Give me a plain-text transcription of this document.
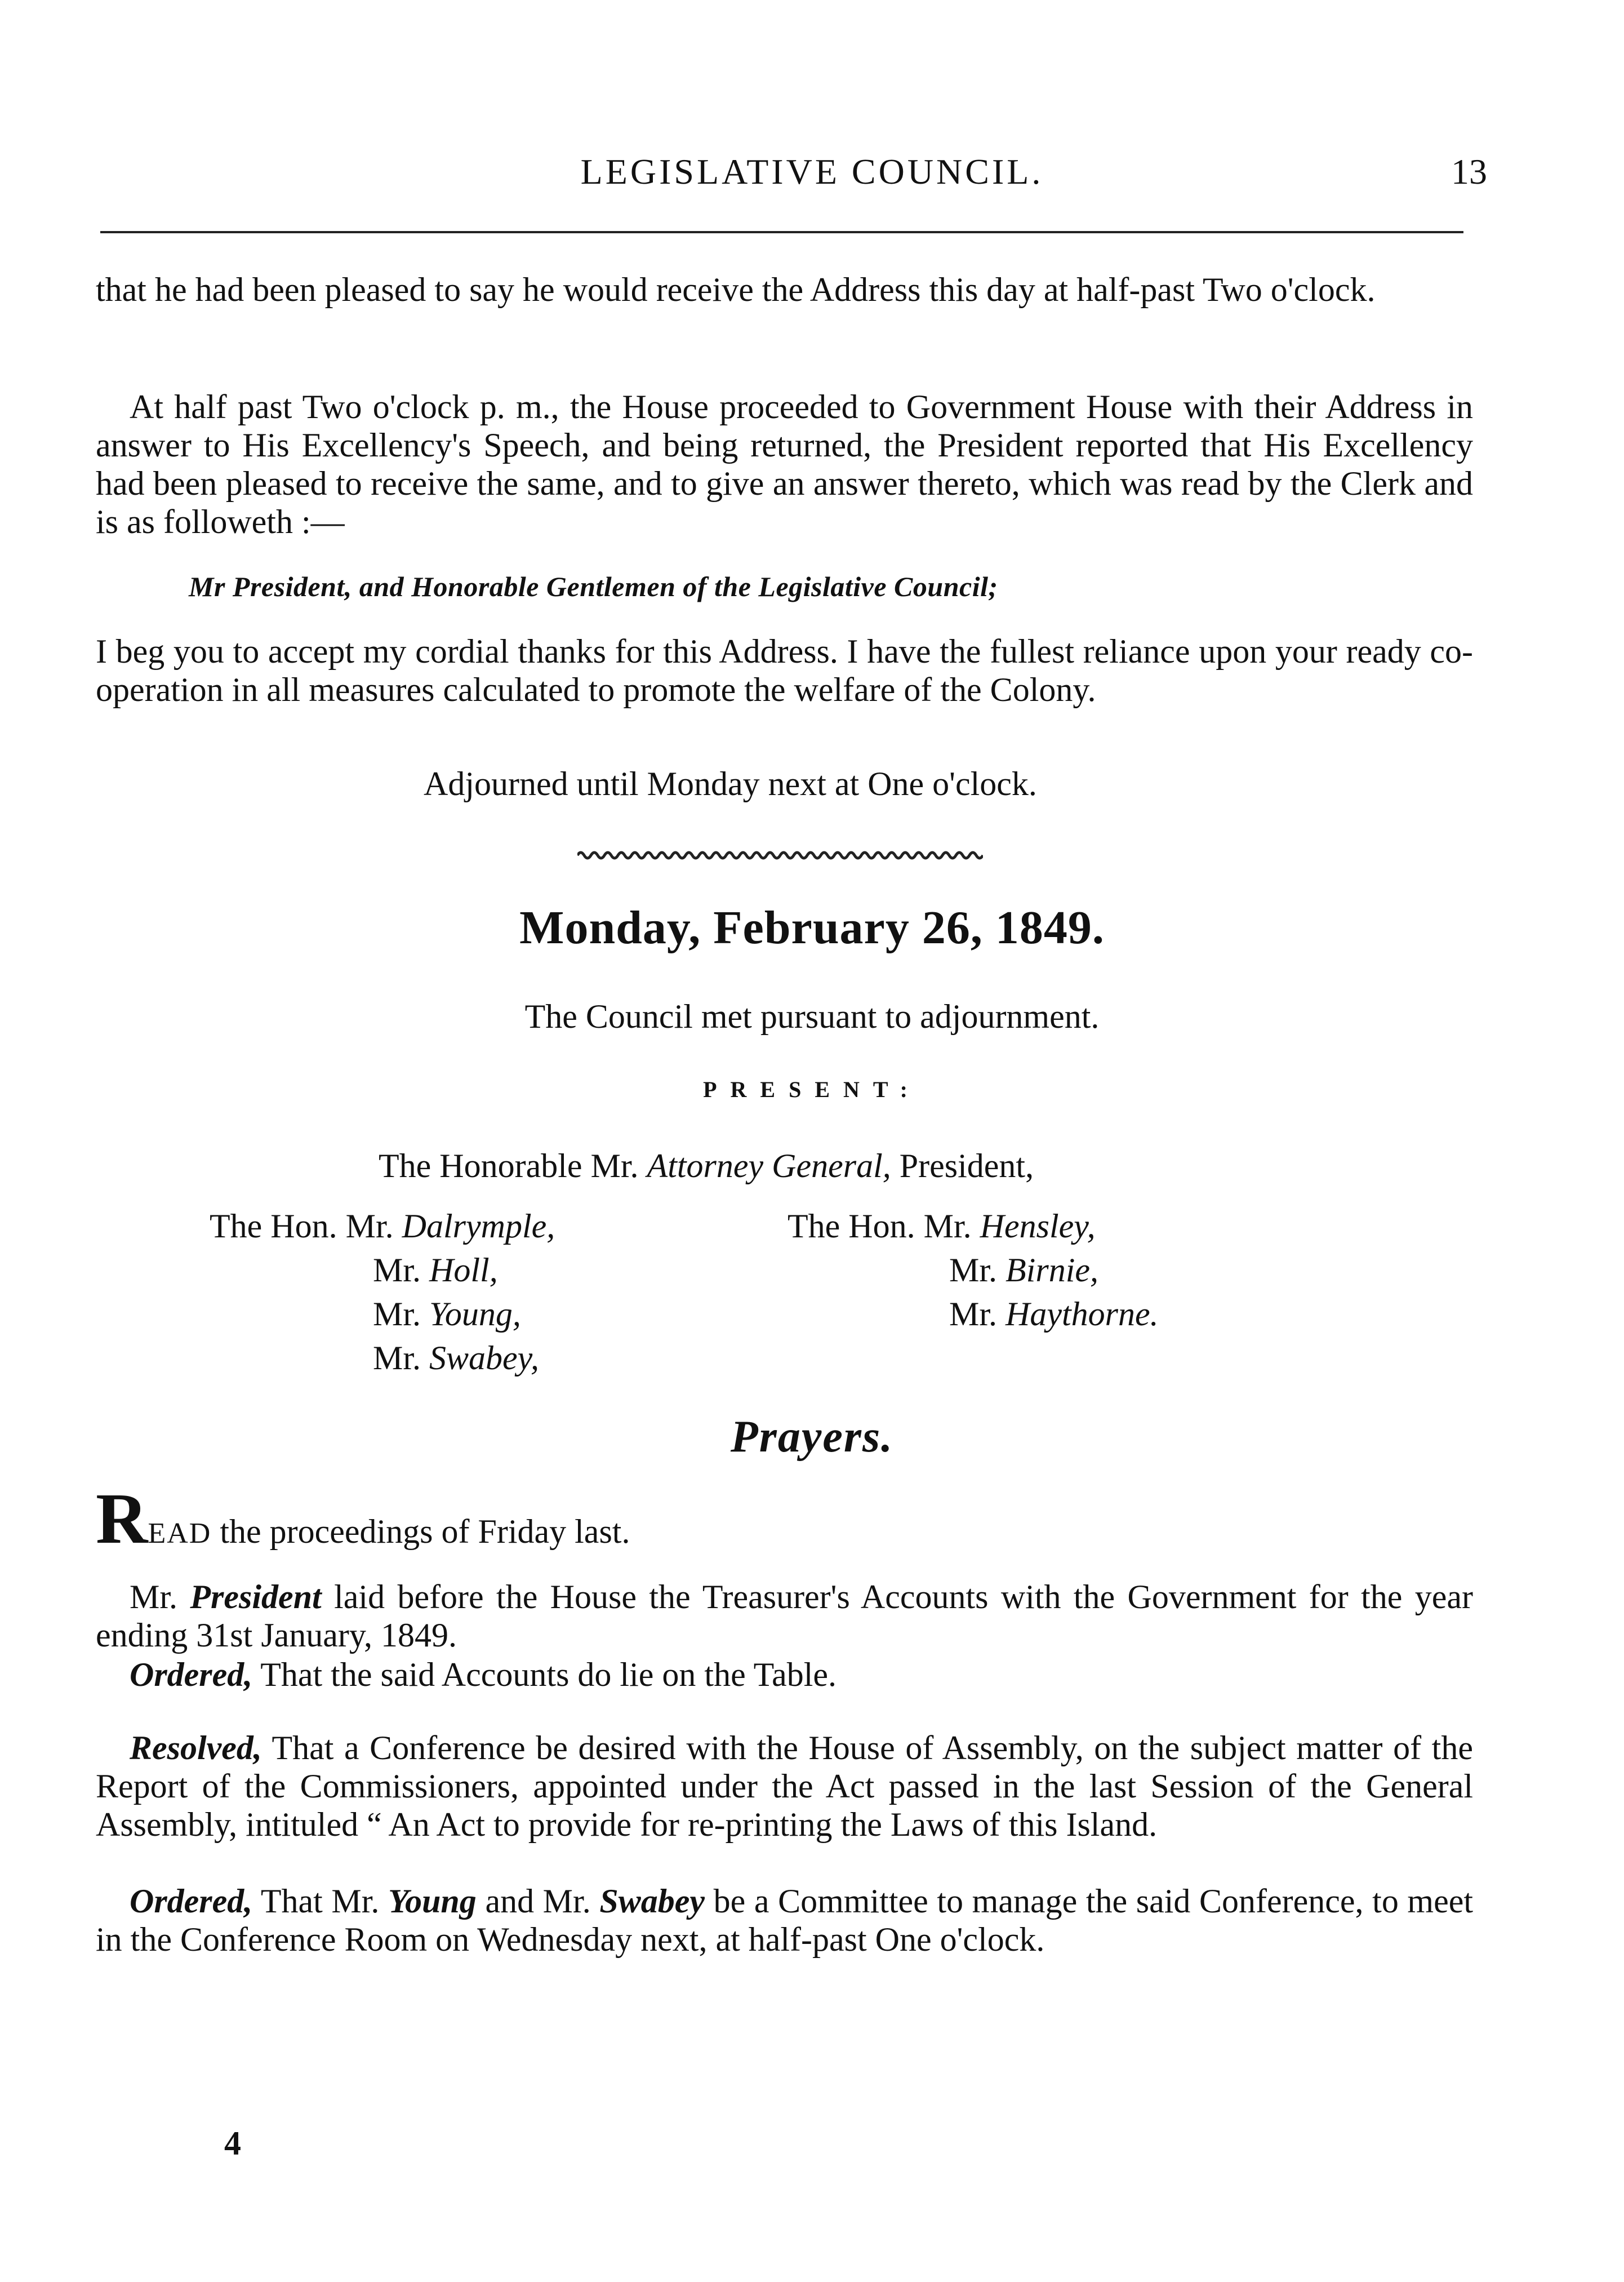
LEGISLATIVE COUNCIL.	13
that he had been pleased to say he would receive the Address this day at half-past Two o'clock.
At half past Two o'clock p. m., the House proceeded to Government House with their Address in answer to His Excellency's Speech, and being returned, the President reported that His Excellency had been pleased to receive the same, and to give an answer thereto, which was read by the Clerk and is as followeth :—
Mr President, and Honorable Gentlemen of the Legislative Council;
I beg you to accept my cordial thanks for this Address. I have the fullest reliance upon your ready co-operation in all measures calculated to promote the welfare of the Colony.
Adjourned until Monday next at One o'clock.
Monday, February 26, 1849.
The Council met pursuant to adjournment.
PRESENT:
The Honorable Mr. Attorney General, President,
The Hon. Mr. Dalrymple,
Mr. Holl,
Mr. Young,
Mr. Swabey,
The Hon. Mr. Hensley,
Mr. Birnie,
Mr. Haythorne.
Prayers.
READ the proceedings of Friday last.
Mr. President laid before the House the Treasurer's Accounts with the Government for the year ending 31st January, 1849.
Ordered, That the said Accounts do lie on the Table.
Resolved, That a Conference be desired with the House of Assembly, on the subject matter of the Report of the Commissioners, appointed under the Act passed in the last Session of the General Assembly, intituled “ An Act to provide for re-printing the Laws of this Island.
Ordered, That Mr. Young and Mr. Swabey be a Committee to manage the said Conference, to meet in the Conference Room on Wednesday next, at half-past One o'clock.
4
